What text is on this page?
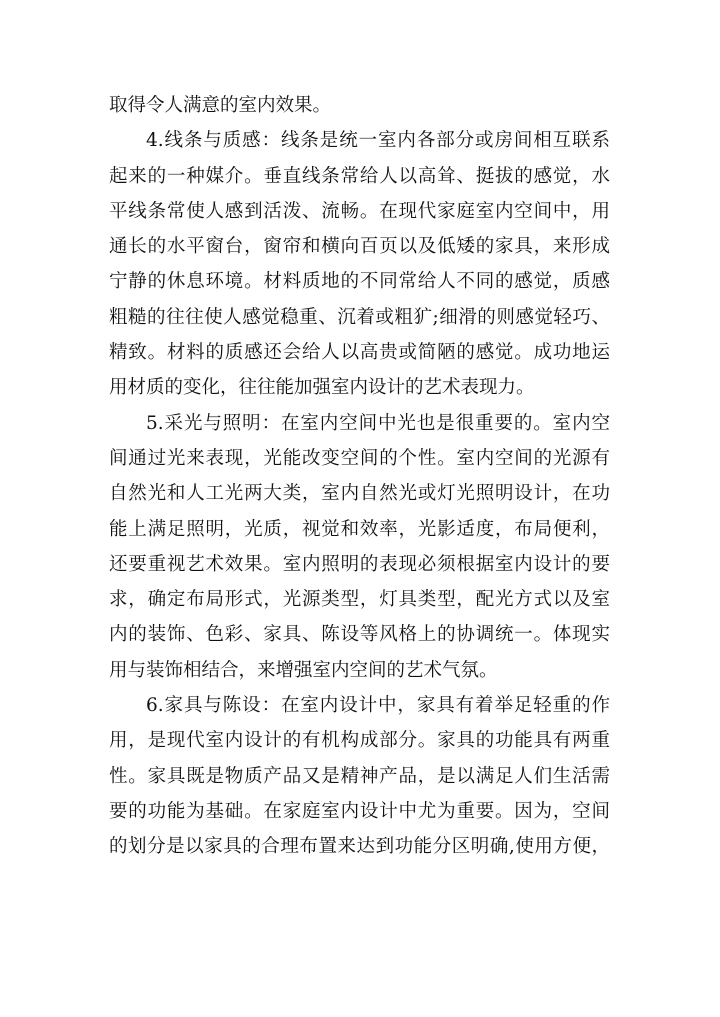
取得令人满意的室内效果。
4.线条与质感：线条是统一室内各部分或房间相互联系
起来的一种媒介。垂直线条常给人以高耸、挺拔的感觉，水
平线条常使人感到活泼、流畅。在现代家庭室内空间中，用
通长的水平窗台，窗帘和横向百页以及低矮的家具，来形成
宁静的休息环境。材料质地的不同常给人不同的感觉，质感
粗糙的往往使人感觉稳重、沉着或粗犷;细滑的则感觉轻巧、
精致。材料的质感还会给人以高贵或简陋的感觉。成功地运
用材质的变化，往往能加强室内设计的艺术表现力。
5.采光与照明：在室内空间中光也是很重要的。室内空
间通过光来表现，光能改变空间的个性。室内空间的光源有
自然光和人工光两大类，室内自然光或灯光照明设计，在功
能上满足照明，光质，视觉和效率，光影适度，布局便利，
还要重视艺术效果。室内照明的表现必须根据室内设计的要
求，确定布局形式，光源类型，灯具类型，配光方式以及室
内的装饰、色彩、家具、陈设等风格上的协调统一。体现实
用与装饰相结合，来增强室内空间的艺术气氛。
6.家具与陈设：在室内设计中，家具有着举足轻重的作
用，是现代室内设计的有机构成部分。家具的功能具有两重
性。家具既是物质产品又是精神产品，是以满足人们生活需
要的功能为基础。在家庭室内设计中尤为重要。因为，空间
的划分是以家具的合理布置来达到功能分区明确,使用方便，
